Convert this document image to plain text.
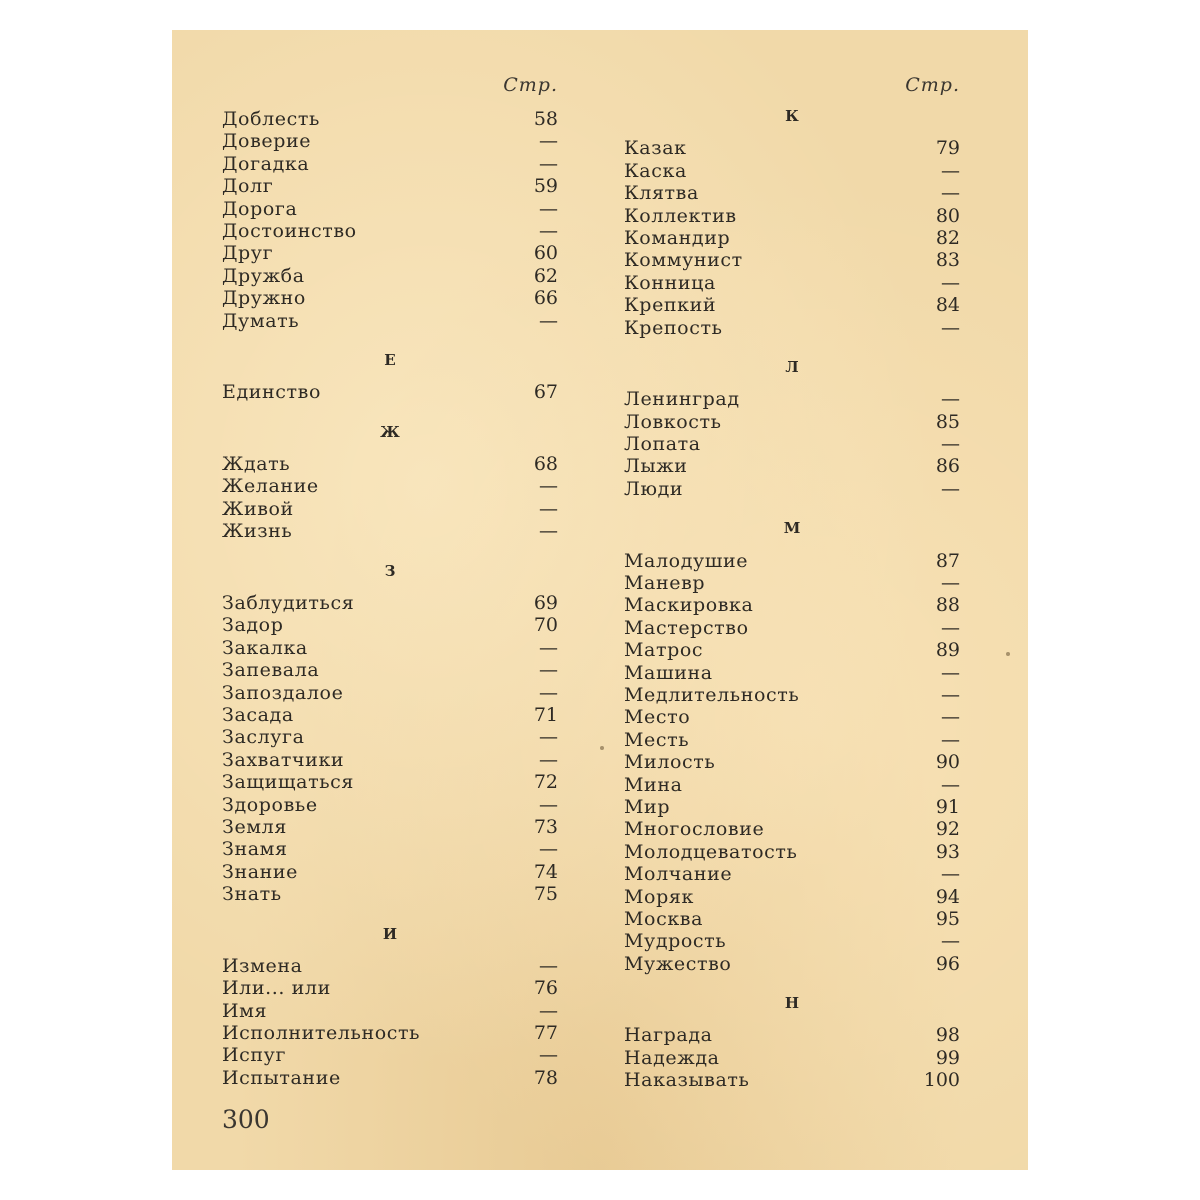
Стр.
Доблесть	58
Доверие	—
Догадка	—
Долг	59
Дорога	—
Достоинство	—
Друг	60
Дружба	62
Дружно	66
Думать	—
Е
Единство	67
Ж
Ждать	68
Желание	—
Живой	—
Жизнь	—
З
Заблудиться	69
Задор	70
Закалка	—
Запевала	—
Запоздалое	—
Засада	71
Заслуга	—
Захватчики	—
Защищаться	72
Здоровье	—
Земля	73
Знамя	—
Знание	74
Знать	75
И
Измена	—
Или... или	76
Имя	—
Исполнительность	77
Испуг	—
Испытание	78
Стр.
К
Казак	79
Каска	—
Клятва	—
Коллектив	80
Командир	82
Коммунист	83
Конница	—
Крепкий	84
Крепость	—
Л
Ленинград	—
Ловкость	85
Лопата	—
Лыжи	86
Люди	—
М
Малодушие	87
Маневр	—
Маскировка	88
Мастерство	—
Матрос	89
Машина	—
Медлительность	—
Место	—
Месть	—
Милость	90
Мина	—
Мир	91
Многословие	92
Молодцеватость	93
Молчание	—
Моряк	94
Москва	95
Мудрость	—
Мужество	96
Н
Награда	98
Надежда	99
Наказывать	100
300
